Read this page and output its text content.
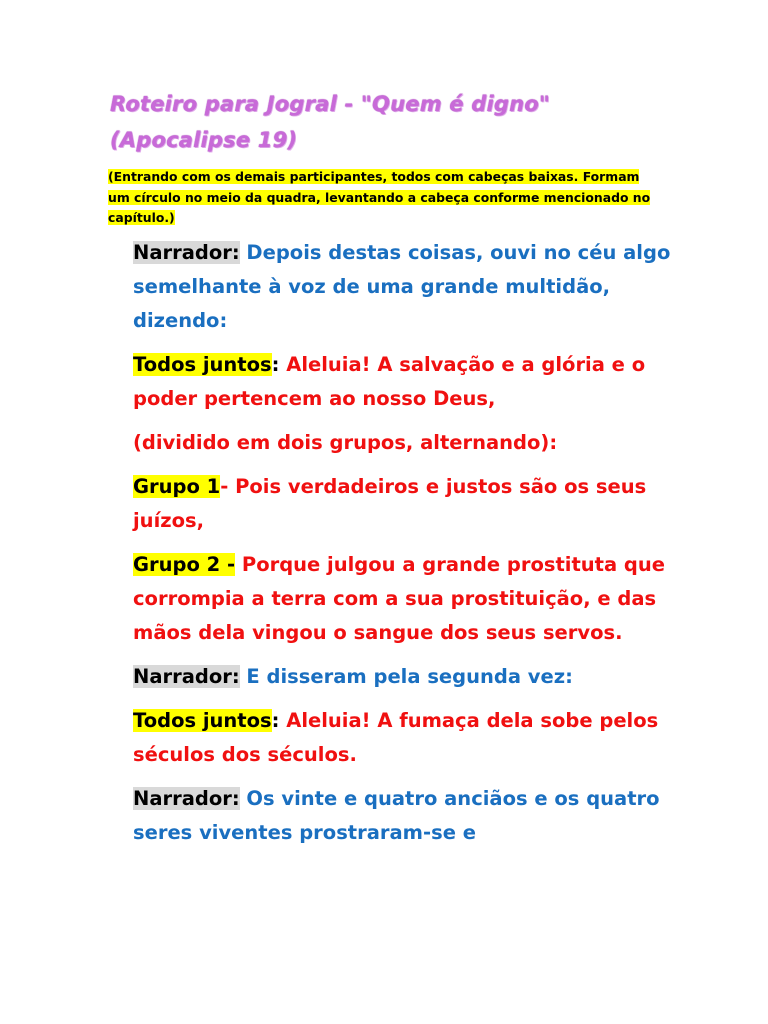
Roteiro para Jogral - "Quem é digno"
(Apocalipse 19)

(Entrando com os demais participantes, todos com cabeças baixas. Formam um círculo no meio da quadra, levantando a cabeça conforme mencionado no capítulo.)

Narrador: Depois destas coisas, ouvi no céu algo semelhante à voz de uma grande multidão, dizendo:

Todos juntos: Aleluia! A salvação e a glória e o poder pertencem ao nosso Deus,

(dividido em dois grupos, alternando):

Grupo 1- Pois verdadeiros e justos são os seus juízos,

Grupo 2 - Porque julgou a grande prostituta que corrompia a terra com a sua prostituição, e das mãos dela vingou o sangue dos seus servos.

Narrador: E disseram pela segunda vez:

Todos juntos: Aleluia! A fumaça dela sobe pelos séculos dos séculos.

Narrador: Os vinte e quatro anciãos e os quatro seres viventes prostraram-se e
